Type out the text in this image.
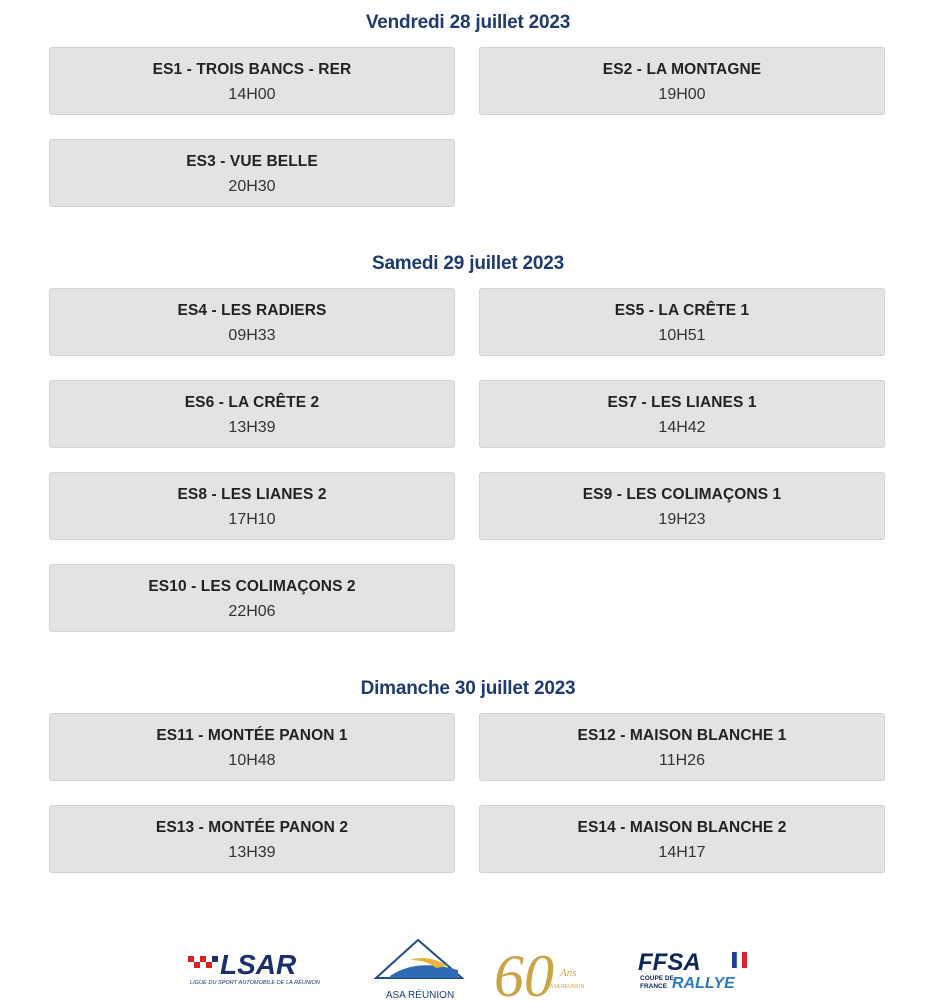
Vendredi 28 juillet 2023
ES1 - TROIS BANCS - RER
14H00
ES2 - LA MONTAGNE
19H00
ES3 - VUE BELLE
20H30
Samedi 29 juillet 2023
ES4 - LES RADIERS
09H33
ES5 - LA CRÊTE 1
10H51
ES6 - LA CRÊTE 2
13H39
ES7 - LES LIANES 1
14H42
ES8 - LES LIANES 2
17H10
ES9 - LES COLIMAÇONS 1
19H23
ES10 - LES COLIMAÇONS 2
22H06
Dimanche 30 juillet 2023
ES11 - MONTÉE PANON 1
10H48
ES12 - MAISON BLANCHE 1
11H26
ES13 - MONTÉE PANON 2
13H39
ES14 - MAISON BLANCHE 2
14H17
LSAR
LIGUE DU SPORT AUTOMOBILE DE LA RÉUNION
ASA RÉUNION 60 Ans
ASA RÉUNION
FFSA
COUPE DE
FRANCE RALLYE
